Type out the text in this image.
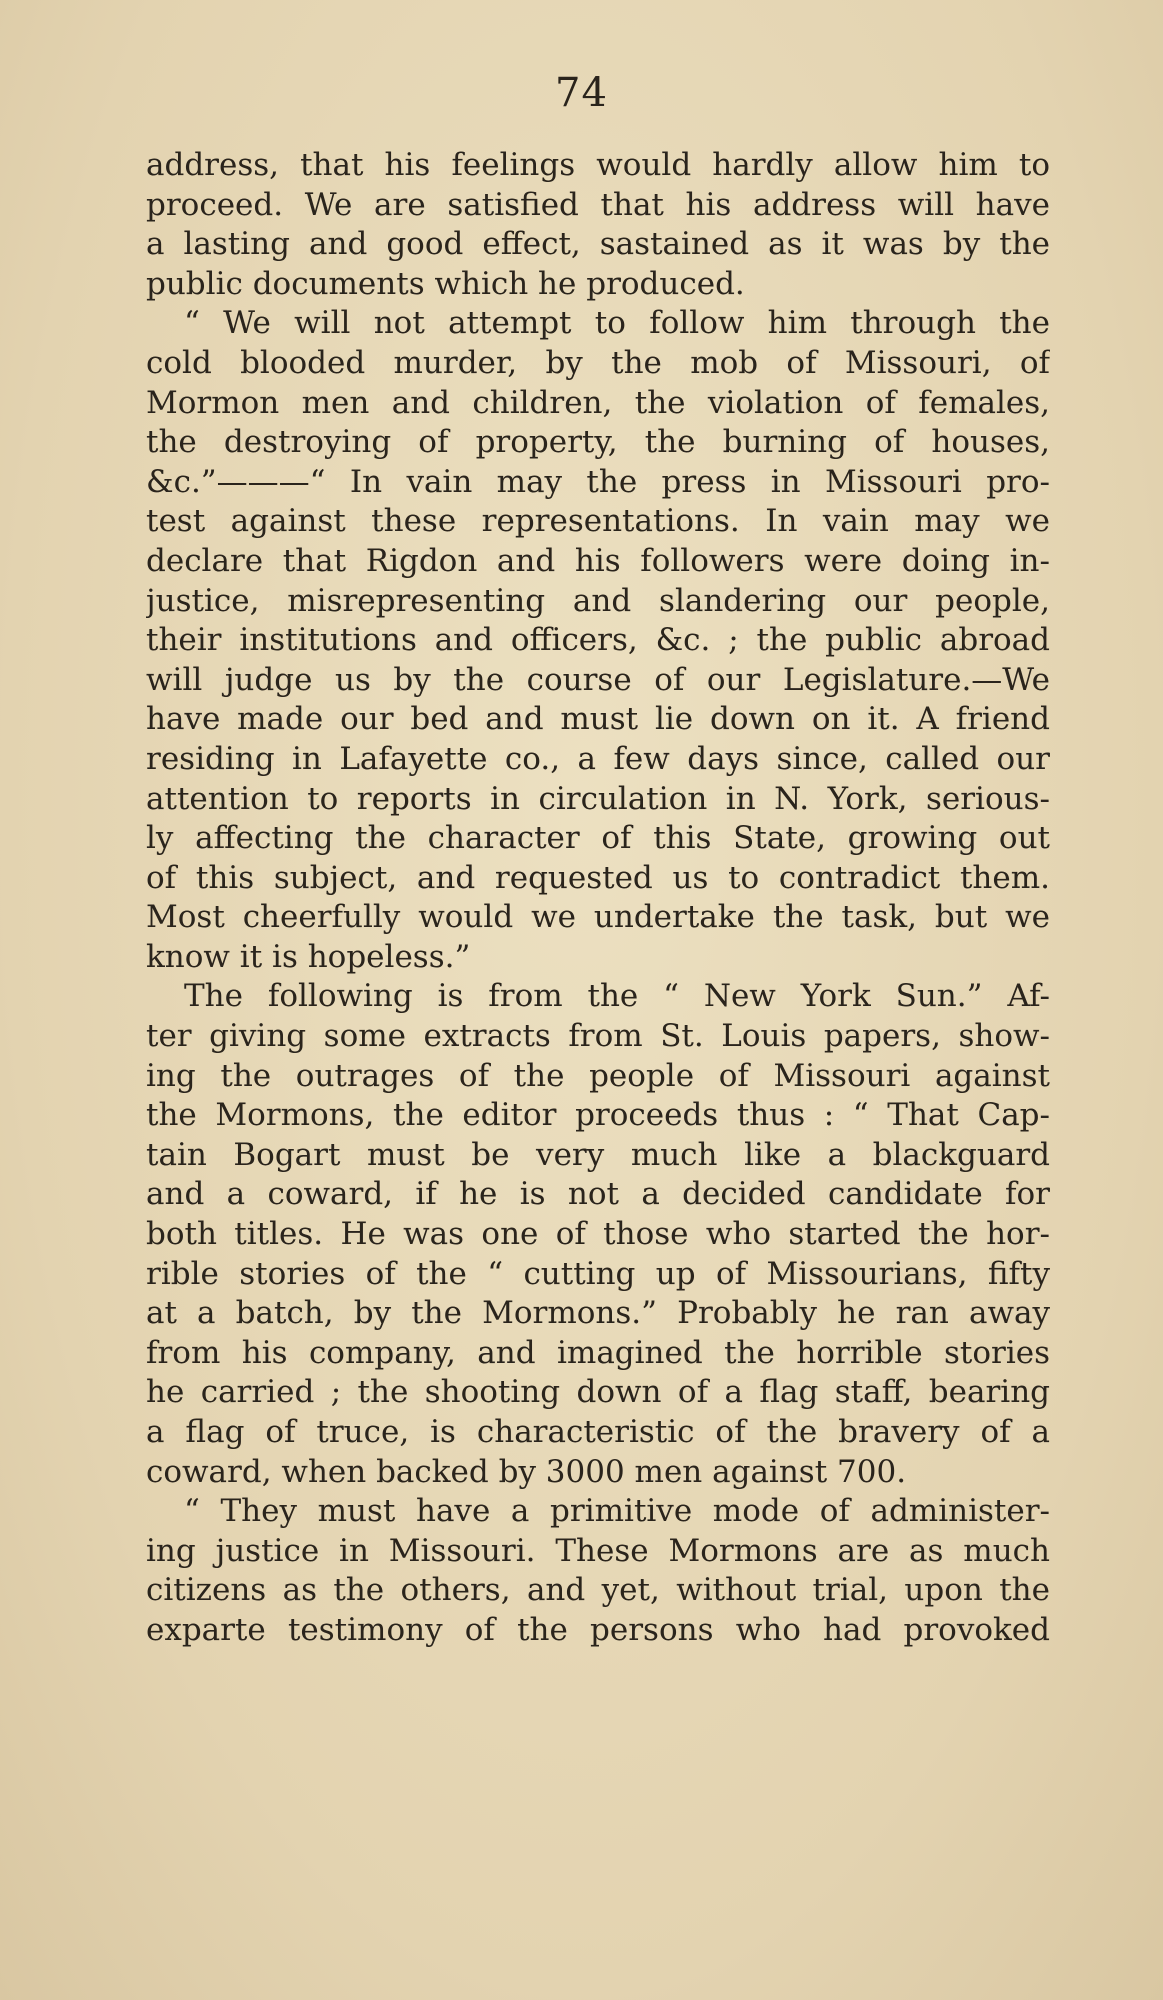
74
address, that his feelings would hardly allow him to
proceed. We are satisfied that his address will have
a lasting and good effect, sastained as it was by the
public documents which he produced.
“ We will not attempt to follow him through the
cold blooded murder, by the mob of Missouri, of
Mormon men and children, the violation of females,
the destroying of property, the burning of houses,
&c.”———“ In vain may the press in Missouri pro-
test against these representations. In vain may we
declare that Rigdon and his followers were doing in-
justice, misrepresenting and slandering our people,
their institutions and officers, &c. ; the public abroad
will judge us by the course of our Legislature.—We
have made our bed and must lie down on it. A friend
residing in Lafayette co., a few days since, called our
attention to reports in circulation in N. York, serious-
ly affecting the character of this State, growing out
of this subject, and requested us to contradict them.
Most cheerfully would we undertake the task, but we
know it is hopeless.”
The following is from the “ New York Sun.” Af-
ter giving some extracts from St. Louis papers, show-
ing the outrages of the people of Missouri against
the Mormons, the editor proceeds thus : “ That Cap-
tain Bogart must be very much like a blackguard
and a coward, if he is not a decided candidate for
both titles. He was one of those who started the hor-
rible stories of the “ cutting up of Missourians, fifty
at a batch, by the Mormons.” Probably he ran away
from his company, and imagined the horrible stories
he carried ; the shooting down of a flag staff, bearing
a flag of truce, is characteristic of the bravery of a
coward, when backed by 3000 men against 700.
“ They must have a primitive mode of administer-
ing justice in Missouri. These Mormons are as much
citizens as the others, and yet, without trial, upon the
exparte testimony of the persons who had provoked
